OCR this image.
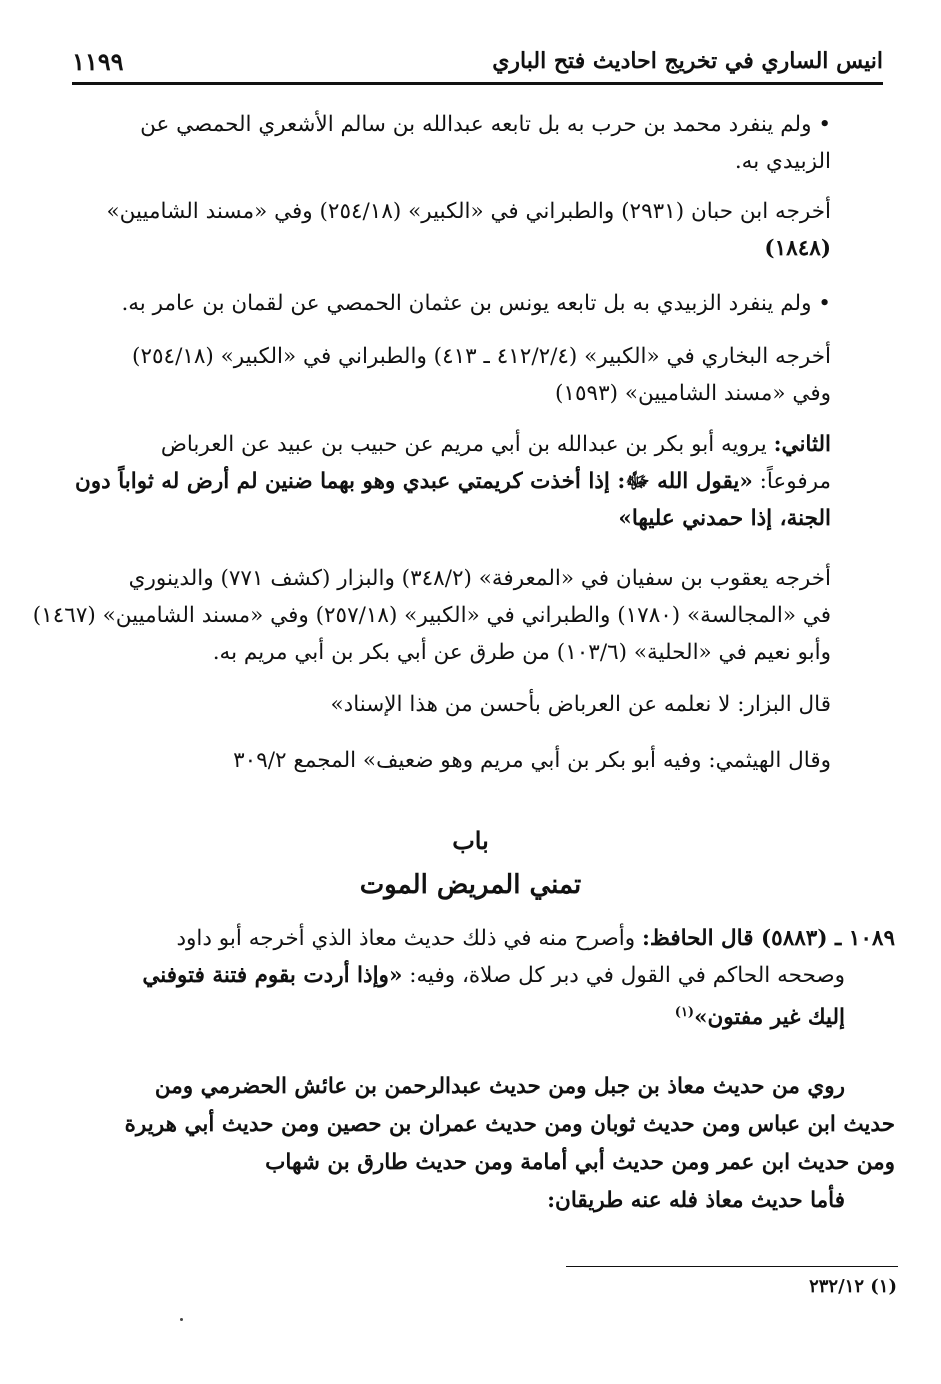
انيس الساري في تخريج احاديث فتح الباري
١١٩٩
• ولم ينفرد محمد بن حرب به بل تابعه عبدالله بن سالم الأشعري الحمصي عن
الزبيدي به.
أخرجه ابن حبان (٢٩٣١) والطبراني في «الكبير» (٢٥٤/١٨) وفي «مسند الشاميين»
(١٨٤٨)
• ولم ينفرد الزبيدي به بل تابعه يونس بن عثمان الحمصي عن لقمان بن عامر به.
أخرجه البخاري في «الكبير» (٤١٢/٢/٤ ـ ٤١٣) والطبراني في «الكبير» (٢٥٤/١٨)
وفي «مسند الشاميين» (١٥٩٣)
الثاني: يرويه أبو بكر بن عبدالله بن أبي مريم عن حبيب بن عبيد عن العرباض
مرفوعاً: «يقول الله ﷻ: إذا أخذت كريمتي عبدي وهو بهما ضنين لم أرض له ثواباً دون
الجنة، إذا حمدني عليها»
أخرجه يعقوب بن سفيان في «المعرفة» (٣٤٨/٢) والبزار (كشف ٧٧١) والدينوري
في «المجالسة» (١٧٨٠) والطبراني في «الكبير» (٢٥٧/١٨) وفي «مسند الشاميين» (١٤٦٧)
وأبو نعيم في «الحلية» (١٠٣/٦) من طرق عن أبي بكر بن أبي مريم به.
قال البزار: لا نعلمه عن العرباض بأحسن من هذا الإسناد»
وقال الهيثمي: وفيه أبو بكر بن أبي مريم وهو ضعيف» المجمع ٣٠٩/٢
باب
تمني المريض الموت
١٠٨٩ ـ (٥٨٨٣) قال الحافظ: وأصرح منه في ذلك حديث معاذ الذي أخرجه أبو داود
وصححه الحاكم في القول في دبر كل صلاة، وفيه: «وإذا أردت بقوم فتنة فتوفني
إليك غير مفتون»$^{(١)}$
روي من حديث معاذ بن جبل ومن حديث عبدالرحمن بن عائش الحضرمي ومن
حديث ابن عباس ومن حديث ثوبان ومن حديث عمران بن حصين ومن حديث أبي هريرة
ومن حديث ابن عمر ومن حديث أبي أمامة ومن حديث طارق بن شهاب
فأما حديث معاذ فله عنه طريقان:
(١) ٢٣٢/١٢
